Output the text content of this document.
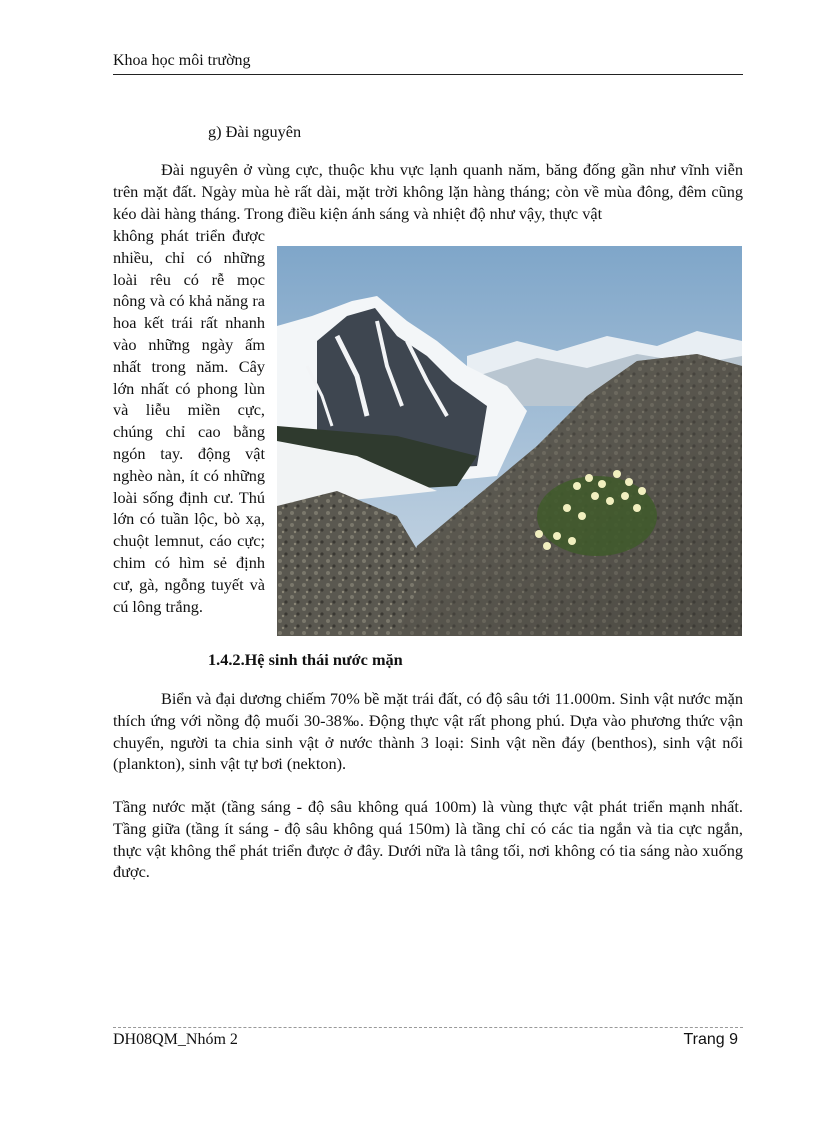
Khoa học môi trường
g) Đài nguyên
Đài nguyên ở vùng cực, thuộc khu vực lạnh quanh năm, băng đống gần như vĩnh viễn trên mặt đất. Ngày mùa hè rất dài, mặt trời không lặn hàng tháng; còn về mùa đông, đêm cũng kéo dài hàng tháng. Trong điều kiện ánh sáng và nhiệt độ như vậy, thực vật
không phát triển được nhiều, chỉ có những loài rêu có rễ mọc nông và có khả năng ra hoa kết trái rất nhanh vào những ngày ấm nhất trong năm. Cây lớn nhất có phong lùn và liễu miền cực, chúng chỉ cao bằng ngón tay. động vật nghèo nàn, ít có những loài sống định cư. Thú lớn có tuần lộc, bò xạ, chuột lemnut, cáo cực; chim có hìm sẻ định cư, gà, ngỗng tuyết và cú lông trắng.
1.4.2.Hệ sinh thái nước mặn
Biển và đại dương chiếm 70% bề mặt trái đất, có độ sâu tới 11.000m. Sinh vật nước mặn thích ứng với nồng độ muối 30-38‰. Động thực vật rất phong phú. Dựa vào phương thức vận chuyển, người ta chia sinh vật ở nước thành 3 loại: Sinh vật nền đáy (benthos), sinh vật nổi (plankton), sinh vật tự bơi (nekton).
Tầng nước mặt (tầng sáng - độ sâu không quá 100m) là vùng thực vật phát triển mạnh nhất. Tầng giữa (tầng ít sáng - độ sâu không quá 150m) là tầng chỉ có các tia ngắn và tia cực ngắn, thực vật không thể phát triển được ở đây. Dưới nữa là tâng tối, nơi không có tia sáng nào xuống được.
DH08QM_Nhóm 2	Trang 9
